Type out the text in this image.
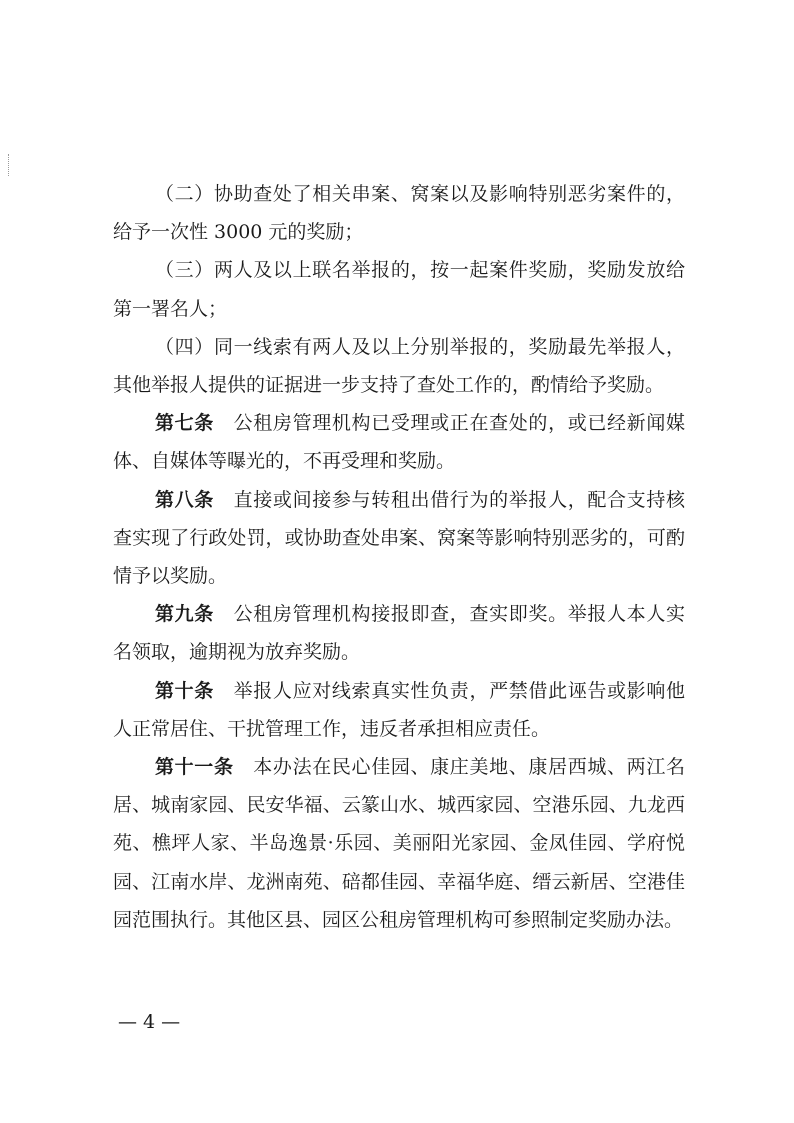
（二）协助查处了相关串案、窝案以及影响特别恶劣案件的，给予一次性 3000 元的奖励；

（三）两人及以上联名举报的，按一起案件奖励，奖励发放给第一署名人；

（四）同一线索有两人及以上分别举报的，奖励最先举报人，其他举报人提供的证据进一步支持了查处工作的，酌情给予奖励。

第七条　公租房管理机构已受理或正在查处的，或已经新闻媒体、自媒体等曝光的，不再受理和奖励。

第八条　直接或间接参与转租出借行为的举报人，配合支持核查实现了行政处罚，或协助查处串案、窝案等影响特别恶劣的，可酌情予以奖励。

第九条　公租房管理机构接报即查，查实即奖。举报人本人实名领取，逾期视为放弃奖励。

第十条　举报人应对线索真实性负责，严禁借此诬告或影响他人正常居住、干扰管理工作，违反者承担相应责任。

第十一条　本办法在民心佳园、康庄美地、康居西城、两江名居、城南家园、民安华福、云篆山水、城西家园、空港乐园、九龙西苑、樵坪人家、半岛逸景·乐园、美丽阳光家园、金凤佳园、学府悦园、江南水岸、龙洲南苑、碚都佳园、幸福华庭、缙云新居、空港佳园范围执行。其他区县、园区公租房管理机构可参照制定奖励办法。

— 4 —
